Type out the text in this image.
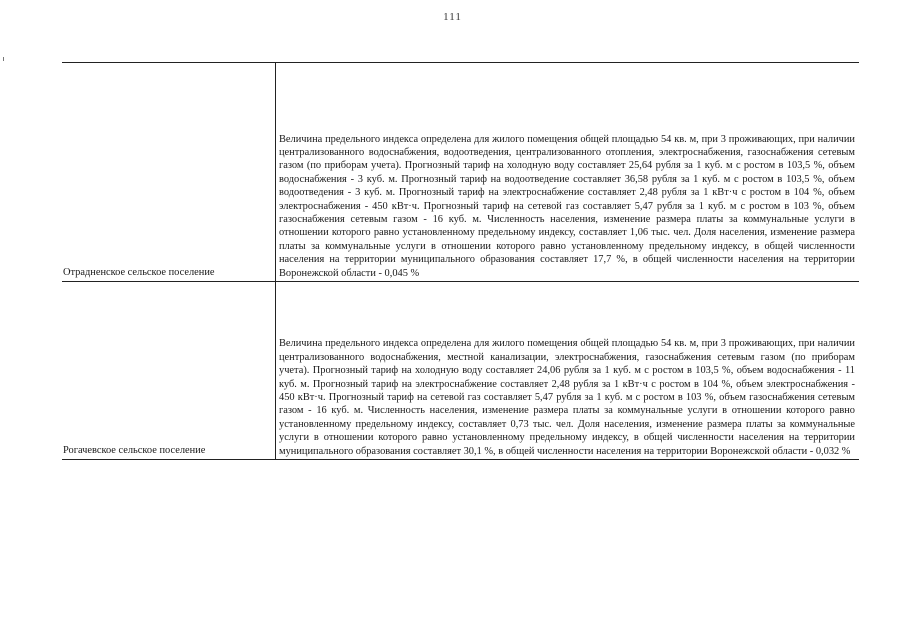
111
Отрадненское сельское поселение

Величина предельного индекса определена для жилого помещения общей площадью 54 кв. м, при 3 проживающих, при наличии централизованного водоснабжения, водоотведения, централизованного отопления, электроснабжения, газоснабжения сетевым газом (по приборам учета). Прогнозный тариф на холодную воду составляет 25,64 рубля за 1 куб. м с ростом в 103,5 %, объем водоснабжения - 3 куб. м. Прогнозный тариф на водоотведение составляет 36,58 рубля за 1 куб. м с ростом в 103,5 %, объем водоотведения - 3 куб. м. Прогнозный тариф на электроснабжение составляет 2,48 рубля за 1 кВт·ч с ростом в 104 %, объем электроснабжения - 450 кВт·ч. Прогнозный тариф на сетевой газ составляет 5,47 рубля за 1 куб. м с ростом в 103 %, объем газоснабжения сетевым газом - 16 куб. м. Численность населения, изменение размера платы за коммунальные услуги в отношении которого равно установленному предельному индексу, составляет 1,06 тыс. чел. Доля населения, изменение размера платы за коммунальные услуги в отношении которого равно установленному предельному индексу, в общей численности населения на территории муниципального образования составляет 17,7 %, в общей численности населения на территории Воронежской области - 0,045 %

Рогачевское сельское поселение

Величина предельного индекса определена для жилого помещения общей площадью 54 кв. м, при 3 проживающих, при наличии централизованного водоснабжения, местной канализации, электроснабжения, газоснабжения сетевым газом (по приборам учета). Прогнозный тариф на холодную воду составляет 24,06 рубля за 1 куб. м с ростом в 103,5 %, объем водоснабжения - 11 куб. м. Прогнозный тариф на электроснабжение составляет 2,48 рубля за 1 кВт·ч с ростом в 104 %, объем электроснабжения - 450 кВт·ч. Прогнозный тариф на сетевой газ составляет 5,47 рубля за 1 куб. м с ростом в 103 %, объем газоснабжения сетевым газом - 16 куб. м. Численность населения, изменение размера платы за коммунальные услуги в отношении которого равно установленному предельному индексу, составляет 0,73 тыс. чел. Доля населения, изменение размера платы за коммунальные услуги в отношении которого равно установленному предельному индексу, в общей численности населения на территории муниципального образования составляет 30,1 %, в общей численности населения на территории Воронежской области - 0,032 %
